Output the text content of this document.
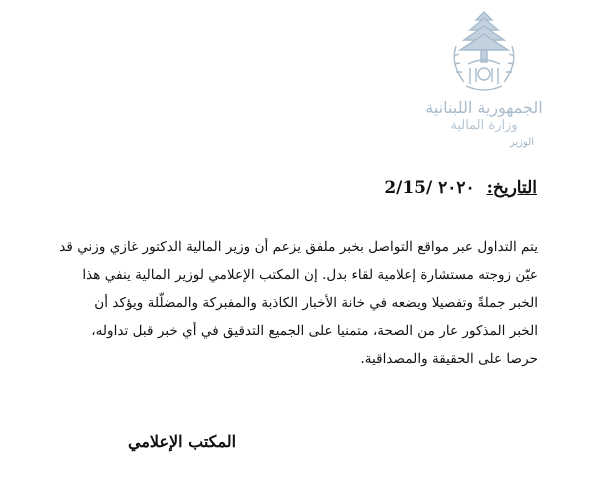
الجمهورية اللبنانية
وزارة المالية
الوزير
التاريخ: 2/15/ ٢٠٢٠
يتم التداول عبر مواقع التواصل بخبر ملفق يزعم أن وزير المالية الدكتور غازي وزني قد
عيّن زوجته مستشارة إعلامية لقاء بدل. إن المكتب الإعلامي لوزير المالية ينفي هذا
الخبر جملةً وتفصيلا ويضعه في خانة الأخبار الكاذبة والمفبركة والمضلّلة ويؤكد أن
الخبر المذكور عار من الصحة، متمنيا على الجميع التدقيق في أي خبر قبل تداوله،
حرصا على الحقيقة والمصداقية.
المكتب الإعلامي
